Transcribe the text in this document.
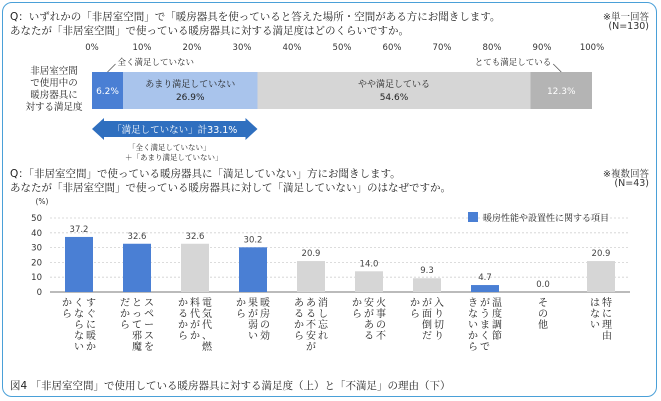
Q：いずれかの「非居室空間」で「暖房器具を使っていると答えた場所・空間がある方にお聞きします。
あなたが「非居室空間」で使っている暖房器具に対する満足度はどのくらいですか。
※単一回答
(N=130)
非居室空間
で使用中の
暖房器具に
対する満足度
0%	10%	20%	30%	40%	50%	60%	70%	80%	90%	100%
6.2%
あまり満足していない
26.9%
やや満足している
54.6%
12.3%
全く満足していない	とても満足している
「満足していない」計33.1%
「全く満足していない」
＋「あまり満足していない」
Q：「非居室空間」で使っている暖房器具に「満足していない」方にお聞きします。
あなたが「非居室空間」で使っている暖房器具に対して「満足していない」のはなぜですか。
※複数回答
(N=43)
(%)
0
10
20
30
40
50
37.2
す
ぐ
に
暖
か
く
な
ら
な
い
か
ら
32.6
ス
ペ
ー
ス
を
と
っ
て
邪
魔
だ
か
ら
32.6
電
気
代
、
燃
料
代
が
か
か
る
か
ら
30.2
暖
房
の
効
果
が
弱
い
か
ら
20.9
消
し
忘
れ
あ
る
不
安
が
あ
る
か
ら
14.0
火
事
の
不
安
が
あ
る
か
ら
9.3
入
り
切
り
が
面
倒
だ
か
ら
4.7
温
度
調
節
が
う
ま
く
で
き
な
い
か
ら
0.0
そ
の
他
20.9
特
に
理
由
は
な
い
暖房性能や設置性に関する項目
図4 「非居室空間」で使用している暖房器具に対する満足度（上）と「不満足」の理由（下）
